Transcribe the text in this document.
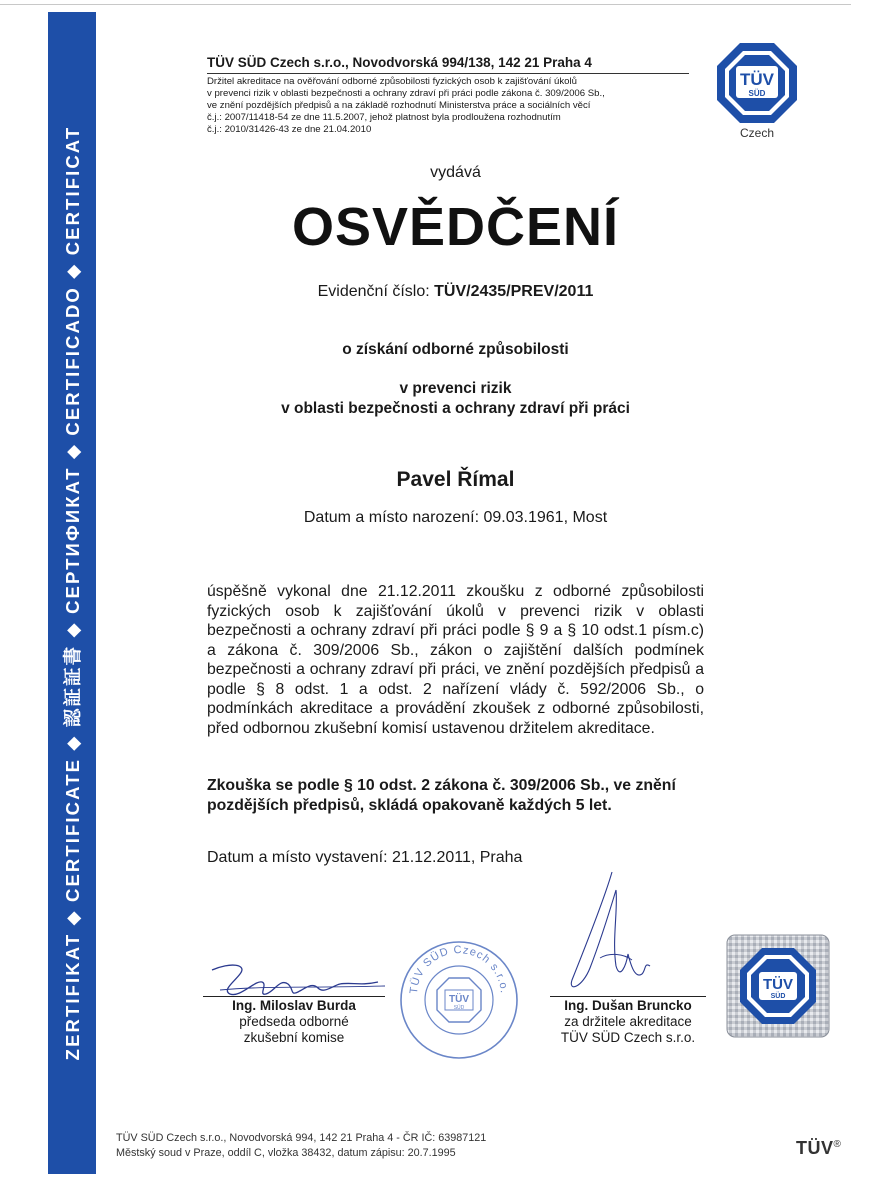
ZERTIFIKAT ◆ CERTIFICATE ◆ 認証証書 ◆ СЕРТИФИКАТ ◆ CERTIFICADO ◆ CERTIFICAT
TÜV SÜD Czech s.r.o., Novodvorská 994/138, 142 21 Praha 4
Držitel akreditace na ověřování odborné způsobilosti fyzických osob k zajišťování úkolů
v prevenci rizik v oblasti bezpečnosti a ochrany zdraví při práci podle zákona č. 309/2006 Sb.,
ve znění pozdějších předpisů a na základě rozhodnutí Ministerstva práce a sociálních věcí
č.j.: 2007/11418-54 ze dne 11.5.2007, jehož platnost byla prodloužena rozhodnutím
č.j.: 2010/31426-43 ze dne 21.04.2010
TÜV
SÜD
Czech
vydává
OSVĚDČENÍ
Evidenční číslo: TÜV/2435/PREV/2011
o získání odborné způsobilosti
v prevenci rizik
v oblasti bezpečnosti a ochrany zdraví při práci
Pavel Římal
Datum a místo narození: 09.03.1961, Most
úspěšně vykonal dne 21.12.2011 zkoušku z odborné způsobilosti fyzických osob k zajišťování úkolů v prevenci rizik v oblasti bezpečnosti a ochrany zdraví při práci podle § 9 a § 10 odst.1 písm.c) a zákona č. 309/2006 Sb., zákon o zajištění dalších podmínek bezpečnosti a ochrany zdraví při práci, ve znění pozdějších předpisů a podle § 8 odst. 1 a odst. 2 nařízení vlády č. 592/2006 Sb., o podmínkách akreditace a provádění zkoušek z odborné způsobilosti, před odbornou zkušební komisí ustavenou držitelem akreditace.
Zkouška se podle § 10 odst. 2 zákona č. 309/2006 Sb., ve znění pozdějších předpisů, skládá opakovaně každých 5 let.
Datum a místo vystavení: 21.12.2011, Praha
Ing. Miloslav Burda
předseda odborné
zkušební komise
TÜV SÜD Czech s.r.o.
TÜV
SÜD	Ing. Dušan Bruncko
za držitele akreditace
TÜV SÜD Czech s.r.o.
TÜV
SÜD
TÜV SÜD Czech s.r.o., Novodvorská 994, 142 21 Praha 4 - ČR IČ: 63987121
Městský soud v Praze, oddíl C, vložka 38432, datum zápisu: 20.7.1995	TÜV®
